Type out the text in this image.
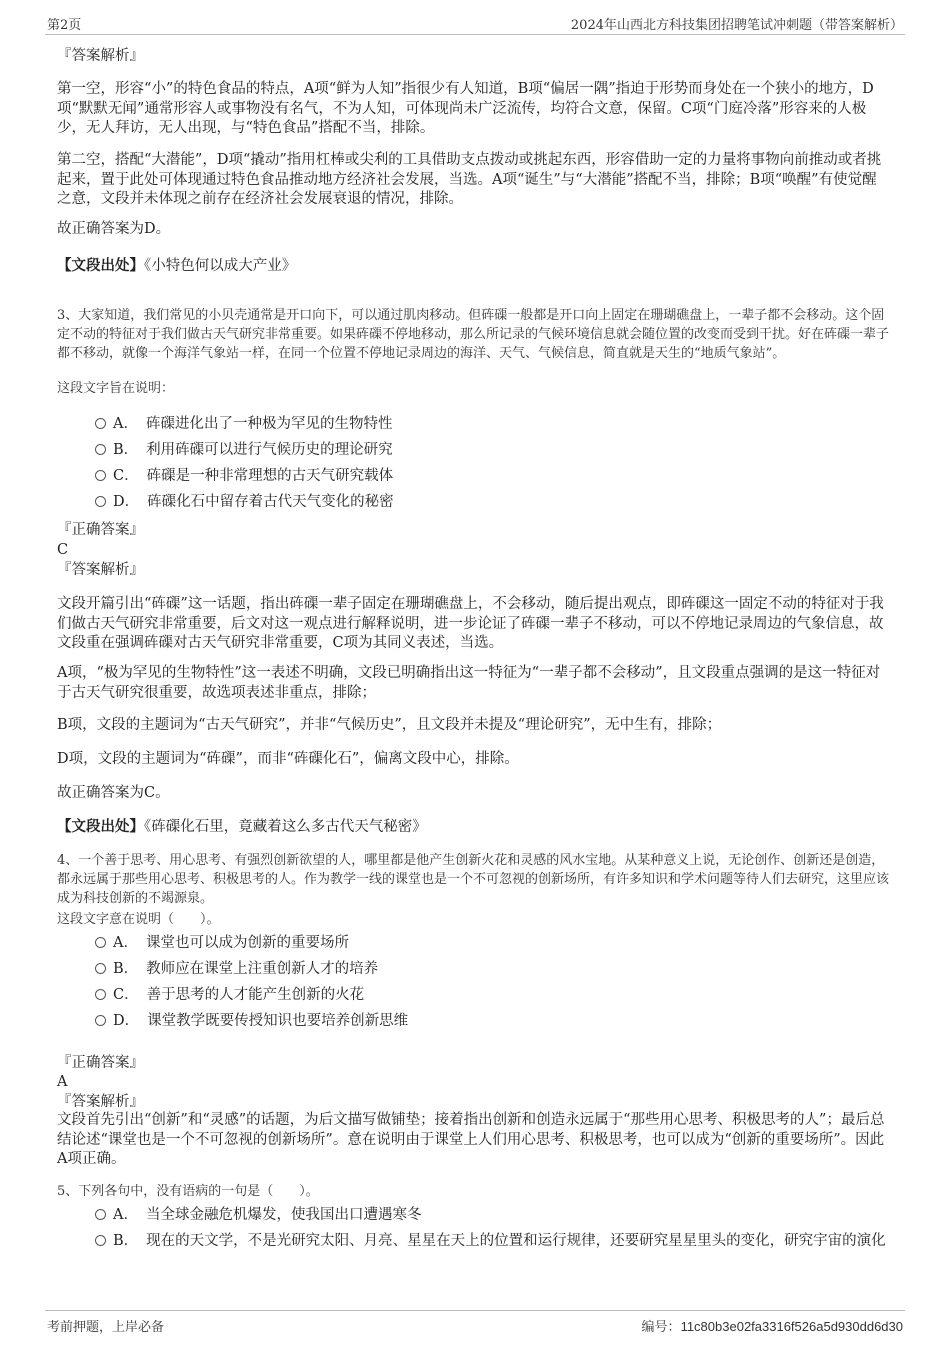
第2页	2024年山西北方科技集团招聘笔试冲刺题（带答案解析）
『答案解析』
第一空，形容“小”的特色食品的特点，A项“鲜为人知”指很少有人知道，B项“偏居一隅”指迫于形势而身处在一个狭小的地方，D项“默默无闻”通常形容人或事物没有名气，不为人知，可体现尚未广泛流传，均符合文意，保留。C项“门庭冷落”形容来的人极少，无人拜访，无人出现，与“特色食品”搭配不当，排除。
第二空，搭配“大潜能”，D项“撬动”指用杠棒或尖利的工具借助支点拨动或挑起东西，形容借助一定的力量将事物向前推动或者挑起来，置于此处可体现通过特色食品推动地方经济社会发展，当选。A项“诞生”与“大潜能”搭配不当，排除；B项“唤醒”有使觉醒之意，文段并未体现之前存在经济社会发展衰退的情况，排除。
故正确答案为D。
【文段出处】《小特色何以成大产业》
3、大家知道，我们常见的小贝壳通常是开口向下，可以通过肌肉移动。但砗磲一般都是开口向上固定在珊瑚礁盘上，一辈子都不会移动。这个固定不动的特征对于我们做古天气研究非常重要。如果砗磲不停地移动，那么所记录的气候环境信息就会随位置的改变而受到干扰。好在砗磲一辈子都不移动，就像一个海洋气象站一样，在同一个位置不停地记录周边的海洋、天气、气候信息，简直就是天生的“地质气象站”。
这段文字旨在说明：
A． 砗磲进化出了一种极为罕见的生物特性
B． 利用砗磲可以进行气候历史的理论研究
C． 砗磲是一种非常理想的古天气研究载体
D． 砗磲化石中留存着古代天气变化的秘密
『正确答案』
C
『答案解析』
文段开篇引出“砗磲”这一话题，指出砗磲一辈子固定在珊瑚礁盘上，不会移动，随后提出观点，即砗磲这一固定不动的特征对于我们做古天气研究非常重要，后文对这一观点进行解释说明，进一步论证了砗磲一辈子不移动，可以不停地记录周边的气象信息，故文段重在强调砗磲对古天气研究非常重要，C项为其同义表述，当选。
A项，“极为罕见的生物特性”这一表述不明确，文段已明确指出这一特征为“一辈子都不会移动”，且文段重点强调的是这一特征对于古天气研究很重要，故选项表述非重点，排除；
B项，文段的主题词为“古天气研究”，并非“气候历史”，且文段并未提及“理论研究”，无中生有，排除；
D项，文段的主题词为“砗磲”，而非“砗磲化石”，偏离文段中心，排除。
故正确答案为C。
【文段出处】《砗磲化石里，竟藏着这么多古代天气秘密》
4、一个善于思考、用心思考、有强烈创新欲望的人，哪里都是他产生创新火花和灵感的风水宝地。从某种意义上说，无论创作、创新还是创造，都永远属于那些用心思考、积极思考的人。作为教学一线的课堂也是一个不可忽视的创新场所，有许多知识和学术问题等待人们去研究，这里应该成为科技创新的不竭源泉。
这段文字意在说明（　　）。
A． 课堂也可以成为创新的重要场所
B． 教师应在课堂上注重创新人才的培养
C． 善于思考的人才能产生创新的火花
D． 课堂教学既要传授知识也要培养创新思维
『正确答案』
A
『答案解析』
文段首先引出“创新”和“灵感”的话题，为后文描写做铺垫；接着指出创新和创造永远属于“那些用心思考、积极思考的人”；最后总结论述“课堂也是一个不可忽视的创新场所”。意在说明由于课堂上人们用心思考、积极思考，也可以成为“创新的重要场所”。因此A项正确。
5、下列各句中，没有语病的一句是（　　）。
A． 当全球金融危机爆发，使我国出口遭遇寒冬
B． 现在的天文学，不是光研究太阳、月亮、星星在天上的位置和运行规律，还要研究星星里头的变化，研究宇宙的演化
考前押题，上岸必备	编号：11c80b3e02fa3316f526a5d930dd6d30
